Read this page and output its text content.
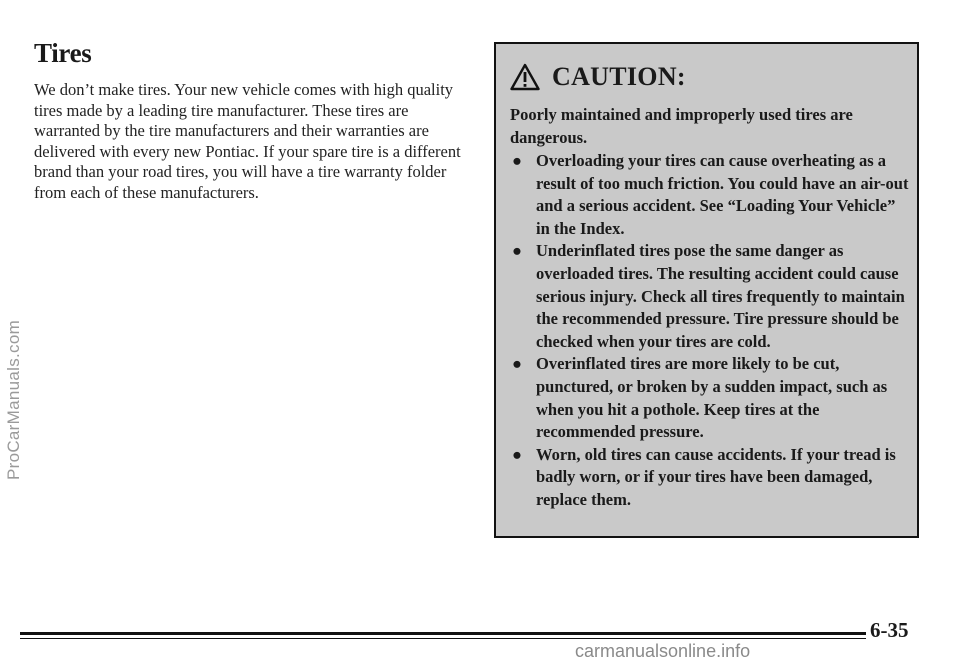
ProCarManuals.com
Tires

We don’t make tires. Your new vehicle comes with high quality tires made by a leading tire manufacturer. These tires are warranted by the tire manufacturers and their warranties are delivered with every new Pontiac. If your spare tire is a different brand than your road tires, you will have a tire warranty folder from each of these manufacturers.

CAUTION:

Poorly maintained and improperly used tires are dangerous.

● Overloading your tires can cause overheating as a result of too much friction. You could have an air-out and a serious accident. See “Loading Your Vehicle” in the Index.
● Underinflated tires pose the same danger as overloaded tires. The resulting accident could cause serious injury. Check all tires frequently to maintain the recommended pressure. Tire pressure should be checked when your tires are cold.
● Overinflated tires are more likely to be cut, punctured, or broken by a sudden impact, such as when you hit a pothole. Keep tires at the recommended pressure.
● Worn, old tires can cause accidents. If your tread is badly worn, or if your tires have been damaged, replace them.
6-35
carmanualsonline.info
